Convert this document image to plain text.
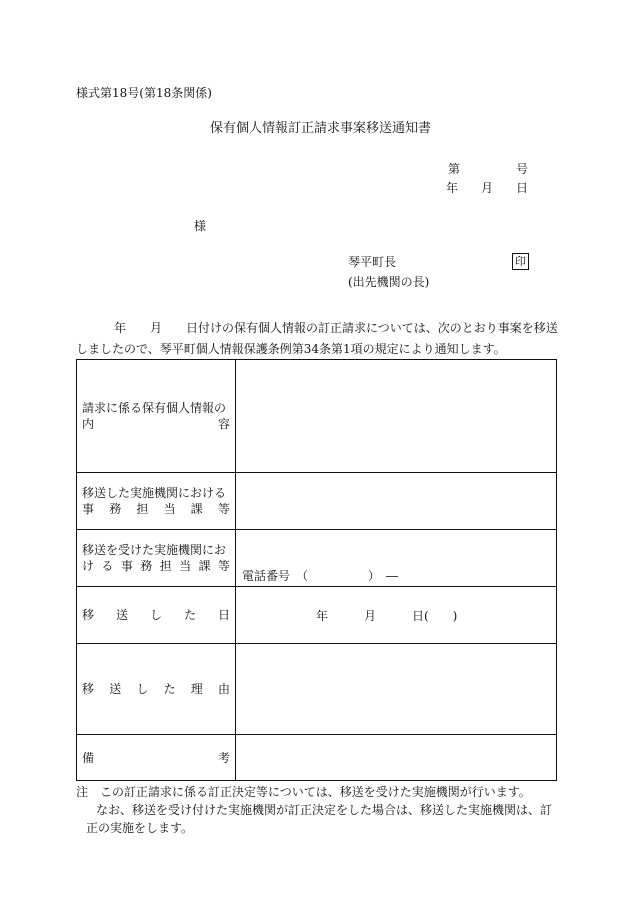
様式第18号(第18条関係)
保有個人情報訂正請求事案移送通知書
第	号
年 月 日
様
琴平町長	印
(出先機関の長)

年　　月　　日付けの保有個人情報の訂正請求については、次のとおり事案を移送

しましたので、琴平町個人情報保護条例第34条第1項の規定により通知します。

請求に係る保有個人情報の
内　　　　　　　　　　容	

移送した実施機関における
事　務　担　当　課　等	

移送を受けた実施機関にお
け る 事 務 担 当 課 等	電話番号　（　　　　　）　―

移　送　し　た　日	年　　　月　　　日(　　)

移　送　し　た　理　由	

備　　　　　　　　　　考	

注　この訂正請求に係る訂正決定等については、移送を受けた実施機関が行います。

なお、移送を受け付けた実施機関が訂正決定をした場合は、移送した実施機関は、訂

正の実施をします。
